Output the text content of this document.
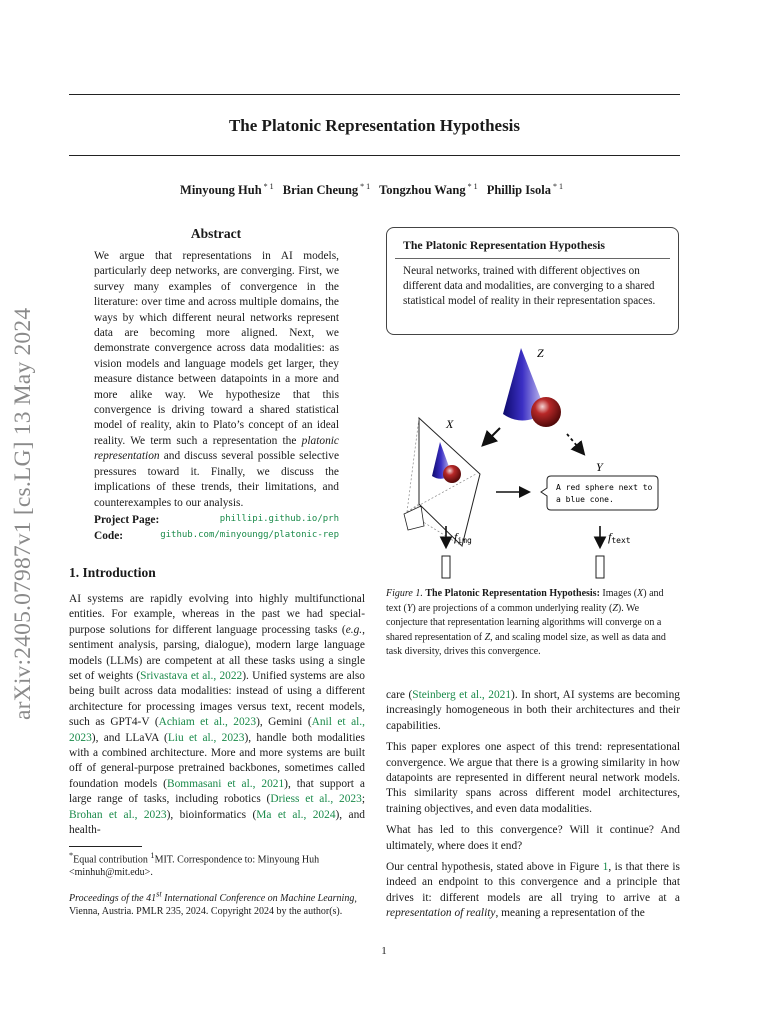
arXiv:2405.07987v1 [cs.LG] 13 May 2024
The Platonic Representation Hypothesis
Minyoung Huh $^{* 1}$ Brian Cheung $^{* 1}$ Tongzhou Wang $^{* 1}$ Phillip Isola $^{* 1}$
Abstract
We argue that representations in AI models, particularly deep networks, are converging. First, we survey many examples of convergence in the literature: over time and across multiple domains, the ways by which different neural networks represent data are becoming more aligned. Next, we demonstrate convergence across data modalities: as vision models and language models get larger, they measure distance between datapoints in a more and more alike way. We hypothesize that this convergence is driving toward a shared statistical model of reality, akin to Plato’s concept of an ideal reality. We term such a representation the platonic representation and discuss several possible selective pressures toward it. Finally, we discuss the implications of these trends, their limitations, and counterexamples to our analysis.
Project Page:	phillipi.github.io/prh
Code:	github.com/minyoungg/platonic-rep
1. Introduction
AI systems are rapidly evolving into highly multifunctional entities. For example, whereas in the past we had special-purpose solutions for different language processing tasks (e.g., sentiment analysis, parsing, dialogue), modern large language models (LLMs) are competent at all these tasks using a single set of weights (Srivastava et al., 2022). Unified systems are also being built across data modalities: instead of using a different architecture for processing images versus text, recent models, such as GPT4-V (Achiam et al., 2023), Gemini (Anil et al., 2023), and LLaVA (Liu et al., 2023), handle both modalities with a combined architecture. More and more systems are built off of general-purpose pretrained backbones, sometimes called foundation models (Bommasani et al., 2021), that support a large range of tasks, including robotics (Driess et al., 2023; Brohan et al., 2023), bioinformatics (Ma et al., 2024), and health-
*Equal contribution $^1$MIT. Correspondence to: Minyoung Huh <minhuh@mit.edu>.
Proceedings of the 41st International Conference on Machine Learning, Vienna, Austria. PMLR 235, 2024. Copyright 2024 by the author(s).
The Platonic Representation Hypothesis
Neural networks, trained with different objectives on different data and modalities, are converging to a shared statistical model of reality in their representation spaces.
Z
X
Y
A red sphere next to
a blue cone.
fimg	ftext
Figure 1. The Platonic Representation Hypothesis: Images (X) and text (Y) are projections of a common underlying reality (Z). We conjecture that representation learning algorithms will converge on a shared representation of Z, and scaling model size, as well as data and task diversity, drives this convergence.

care (Steinberg et al., 2021). In short, AI systems are becoming increasingly homogeneous in both their architectures and their capabilities.

This paper explores one aspect of this trend: representational convergence. We argue that there is a growing similarity in how datapoints are represented in different neural network models. This similarity spans across different model architectures, training objectives, and even data modalities.

What has led to this convergence? Will it continue? And ultimately, where does it end?

Our central hypothesis, stated above in Figure 1, is that there is indeed an endpoint to this convergence and a principle that drives it: different models are all trying to arrive at a representation of reality, meaning a representation of the

1
